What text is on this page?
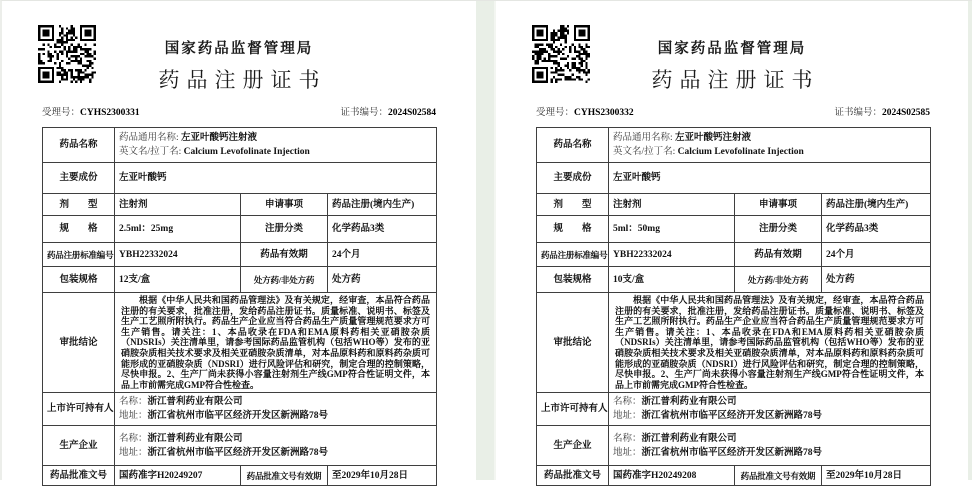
国家药品监督管理局
药品注册证书
受理号：CYHS2300331	证书编号：2024S02584
药品名称	药品通用名称: 左亚叶酸钙注射液
英文名/拉丁名: Calcium Levofolinate Injection		

主要成份	左亚叶酸钙		
剂　　型	注射剂	申请事项	药品注册(境内生产)
规　　格	2.5ml：25mg	注册分类	化学药品3类
药品注册标准编号	YBH22332024	药品有效期	24个月
包装规格	12支/盒	处方药/非处方药	处方药
审批结论	根据《中华人民共和国药品管理法》及有关规定，经审查，本品符合药品注册的有关要求，批准注册，发给药品注册证书。质量标准、说明书、标签及生产工艺照所附执行。药品生产企业应当符合药品生产质量管理规范要求方可生产销售。请关注：1、本品收录在FDA和EMA原料药相关亚硝胺杂质（NDSRIs）关注清单里，请参考国际药品监管机构（包括WHO等）发布的亚硝胺杂质相关技术要求及相关亚硝胺杂质清单，对本品原料药和原料药杂质可能形成的亚硝胺杂质（NDSRI）进行风险评估和研究，制定合理的控制策略，尽快申报。2、生产厂尚未获得小容量注射剂生产线GMP符合性证明文件，本品上市前需完成GMP符合性检查。		

上市许可持有人	名称：浙江普利药业有限公司
地址：浙江省杭州市临平区经济开发区新洲路78号		

生产企业	名称：浙江普利药业有限公司
地址：浙江省杭州市临平区经济开发区新洲路78号		

药品批准文号	国药准字H20249207	药品批准文号有效期	至2029年10月28日
国家药品监督管理局
药品注册证书
受理号：CYHS2300332	证书编号：2024S02585
药品名称	药品通用名称: 左亚叶酸钙注射液
英文名/拉丁名: Calcium Levofolinate Injection		

主要成份	左亚叶酸钙		
剂　　型	注射剂	申请事项	药品注册(境内生产)
规　　格	5ml：50mg	注册分类	化学药品3类
药品注册标准编号	YBH22332024	药品有效期	24个月
包装规格	10支/盒	处方药/非处方药	处方药
审批结论	根据《中华人民共和国药品管理法》及有关规定，经审查，本品符合药品注册的有关要求，批准注册，发给药品注册证书。质量标准、说明书、标签及生产工艺照所附执行。药品生产企业应当符合药品生产质量管理规范要求方可生产销售。请关注：1、本品收录在FDA和EMA原料药相关亚硝胺杂质（NDSRIs）关注清单里，请参考国际药品监管机构（包括WHO等）发布的亚硝胺杂质相关技术要求及相关亚硝胺杂质清单，对本品原料药和原料药杂质可能形成的亚硝胺杂质（NDSRI）进行风险评估和研究，制定合理的控制策略，尽快申报。2、生产厂尚未获得小容量注射剂生产线GMP符合性证明文件，本品上市前需完成GMP符合性检查。		

上市许可持有人	名称：浙江普利药业有限公司
地址：浙江省杭州市临平区经济开发区新洲路78号		

生产企业	名称：浙江普利药业有限公司
地址：浙江省杭州市临平区经济开发区新洲路78号		

药品批准文号	国药准字H20249208	药品批准文号有效期	至2029年10月28日
